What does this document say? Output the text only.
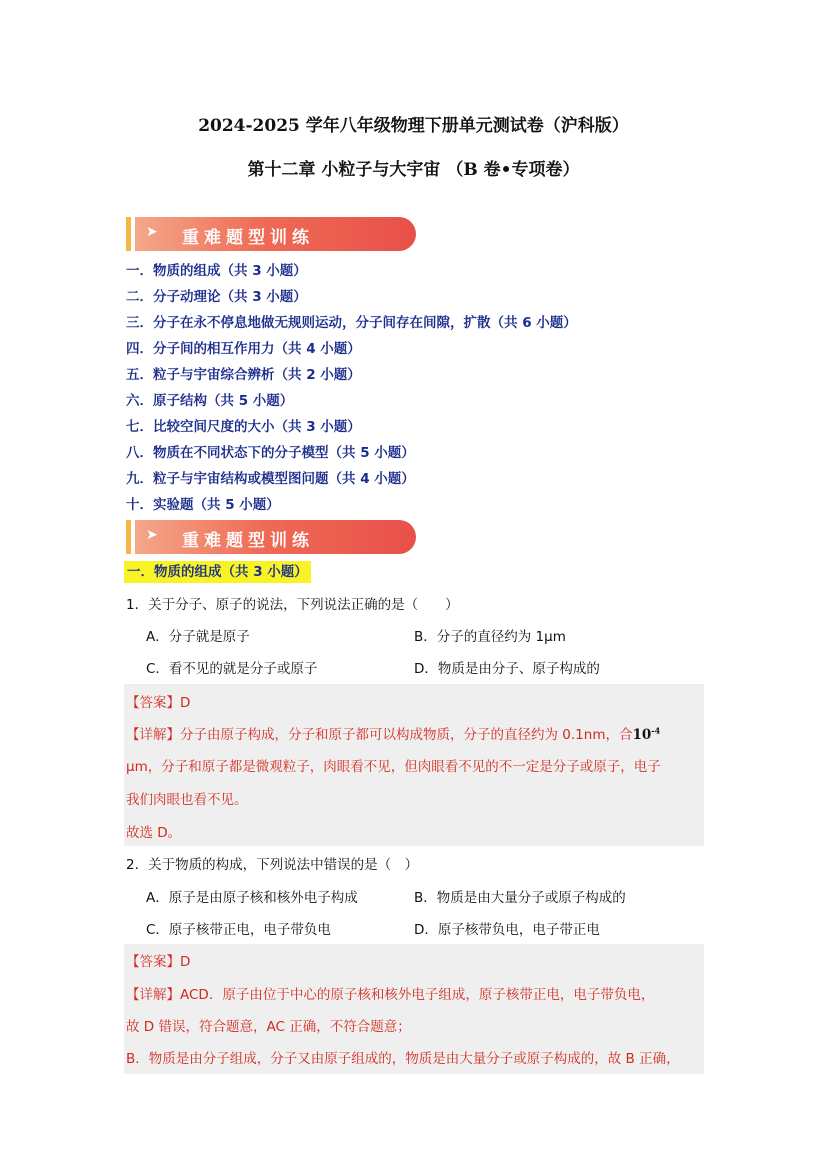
2024-2025 学年八年级物理下册单元测试卷（沪科版）
第十二章 小粒子与大宇宙 （B 卷•专项卷）
➤ 重难题型训练
一．物质的组成（共 3 小题）
二．分子动理论（共 3 小题）
三．分子在永不停息地做无规则运动，分子间存在间隙，扩散（共 6 小题）
四．分子间的相互作用力（共 4 小题）
五．粒子与宇宙综合辨析（共 2 小题）
六．原子结构（共 5 小题）
七．比较空间尺度的大小（共 3 小题）
八．物质在不同状态下的分子模型（共 5 小题）
九．粒子与宇宙结构或模型图问题（共 4 小题）
十．实验题（共 5 小题）
➤ 重难题型训练
一．物质的组成（共 3 小题）
1．关于分子、原子的说法，下列说法正确的是（　　）
A．分子就是原子	B．分子的直径约为 1μm
C．看不见的就是分子或原子	D．物质是由分子、原子构成的
【答案】D
【详解】分子由原子构成，分子和原子都可以构成物质，分子的直径约为 0.1nm，合$10^{-4}$
μm，分子和原子都是微观粒子，肉眼看不见，但肉眼看不见的不一定是分子或原子，电子
我们肉眼也看不见。
故选 D。
2．关于物质的构成，下列说法中错误的是（　）
A．原子是由原子核和核外电子构成	B．物质是由大量分子或原子构成的
C．原子核带正电，电子带负电	D．原子核带负电，电子带正电
【答案】D
【详解】ACD．原子由位于中心的原子核和核外电子组成，原子核带正电，电子带负电，
故 D 错误，符合题意，AC 正确，不符合题意；
B．物质是由分子组成，分子又由原子组成的，物质是由大量分子或原子构成的，故 B 正确，
